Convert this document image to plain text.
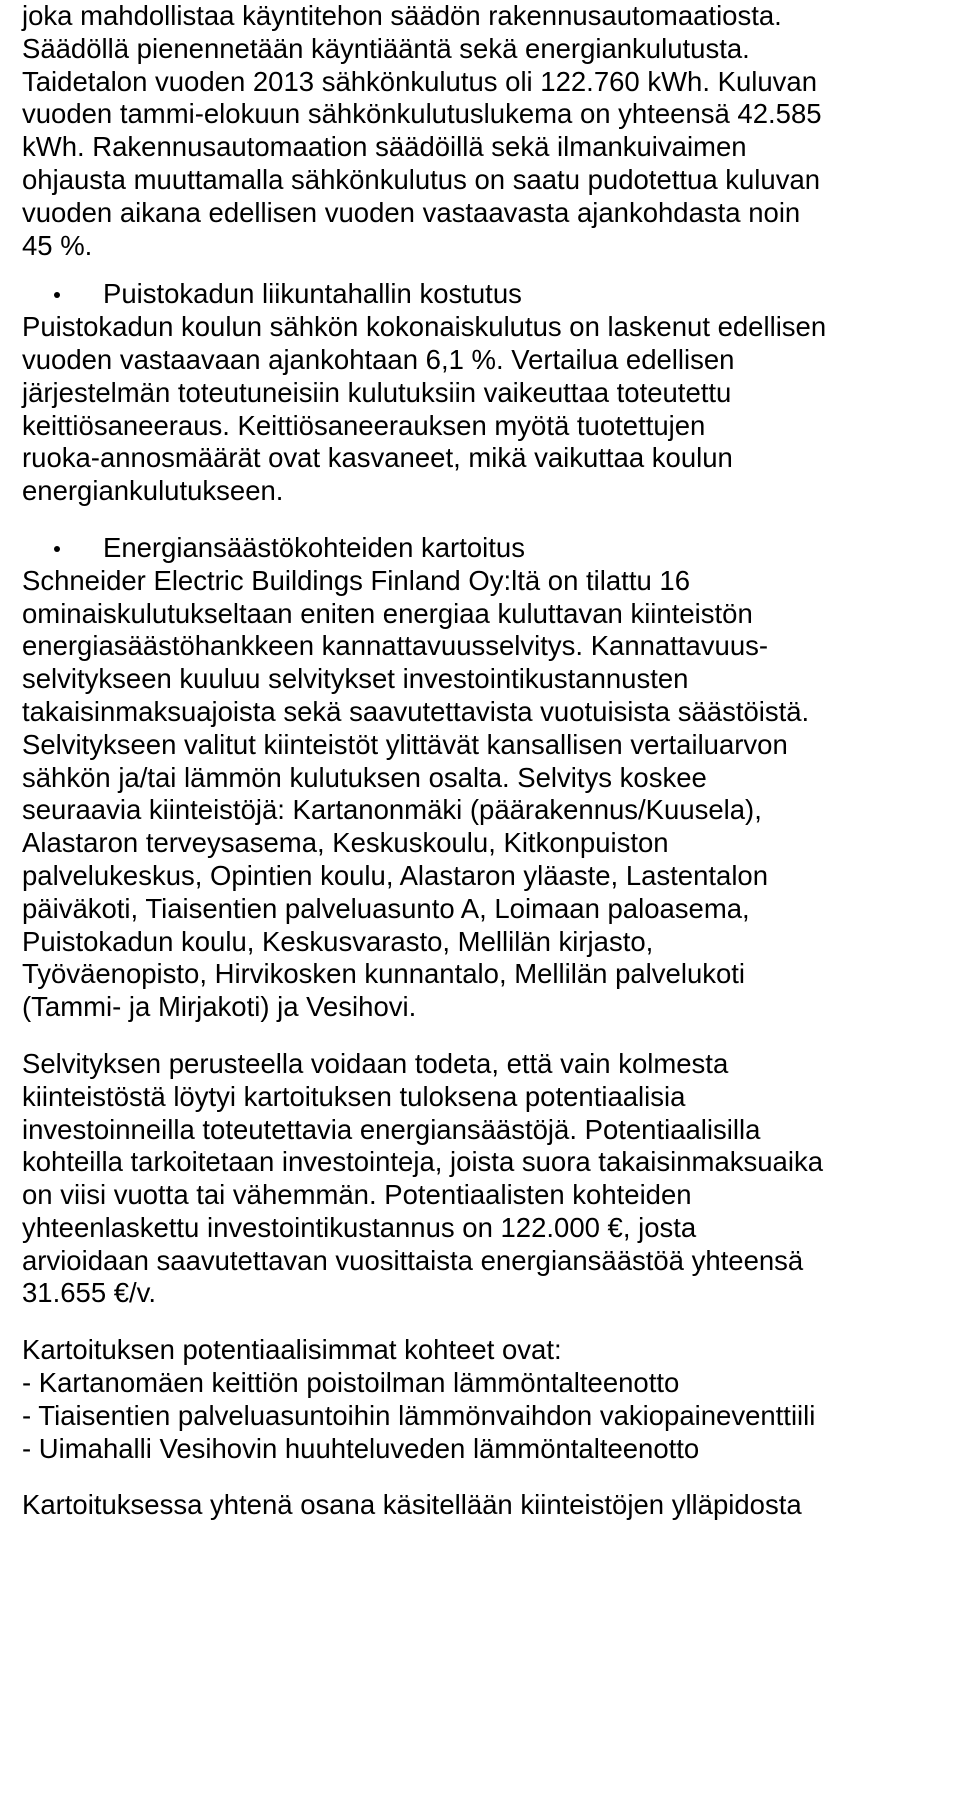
joka mahdollistaa käyntitehon säädön rakennusautomaatiosta.
Säädöllä pienennetään käyntiääntä sekä energiankulutusta.
Taidetalon vuoden 2013 sähkönkulutus oli 122.760 kWh. Kuluvan
vuoden tammi-elokuun sähkönkulutuslukema on yhteensä 42.585
kWh. Rakennusautomaation säädöillä sekä ilmankuivaimen
ohjausta muuttamalla sähkönkulutus on saatu pudotettua kuluvan
vuoden aikana edellisen vuoden vastaavasta ajankohdasta noin
45 %.
Puistokadun liikuntahallin kostutus
Puistokadun koulun sähkön kokonaiskulutus on laskenut edellisen
vuoden vastaavaan ajankohtaan 6,1 %. Vertailua edellisen
järjestelmän toteutuneisiin kulutuksiin vaikeuttaa toteutettu
keittiösaneeraus. Keittiösaneerauksen myötä tuotettujen
ruoka-annosmäärät ovat kasvaneet, mikä vaikuttaa koulun
energiankulutukseen.
Energiansäästökohteiden kartoitus
Schneider Electric Buildings Finland Oy:ltä on tilattu 16
ominaiskulutukseltaan eniten energiaa kuluttavan kiinteistön
energiasäästöhankkeen kannattavuusselvitys. Kannattavuus-
selvitykseen kuuluu selvitykset investointikustannusten
takaisinmaksuajoista sekä saavutettavista vuotuisista säästöistä.
Selvitykseen valitut kiinteistöt ylittävät kansallisen vertailuarvon
sähkön ja/tai lämmön kulutuksen osalta. Selvitys koskee
seuraavia kiinteistöjä: Kartanonmäki (päärakennus/Kuusela),
Alastaron terveysasema, Keskuskoulu, Kitkonpuiston
palvelukeskus, Opintien koulu, Alastaron yläaste, Lastentalon
päiväkoti, Tiaisentien palveluasunto A, Loimaan paloasema,
Puistokadun koulu, Keskusvarasto, Mellilän kirjasto,
Työväenopisto, Hirvikosken kunnantalo, Mellilän palvelukoti
(Tammi- ja Mirjakoti) ja Vesihovi.
Selvityksen perusteella voidaan todeta, että vain kolmesta
kiinteistöstä löytyi kartoituksen tuloksena potentiaalisia
investoinneilla toteutettavia energiansäästöjä. Potentiaalisilla
kohteilla tarkoitetaan investointeja, joista suora takaisinmaksuaika
on viisi vuotta tai vähemmän. Potentiaalisten kohteiden
yhteenlaskettu investointikustannus on 122.000 €, josta
arvioidaan saavutettavan vuosittaista energiansäästöä yhteensä
31.655 €/v.
Kartoituksen potentiaalisimmat kohteet ovat:
- Kartanomäen keittiön poistoilman lämmöntalteenotto
- Tiaisentien palveluasuntoihin lämmönvaihdon vakiopaineventtiili
- Uimahalli Vesihovin huuhteluveden lämmöntalteenotto
Kartoituksessa yhtenä osana käsitellään kiinteistöjen ylläpidosta
